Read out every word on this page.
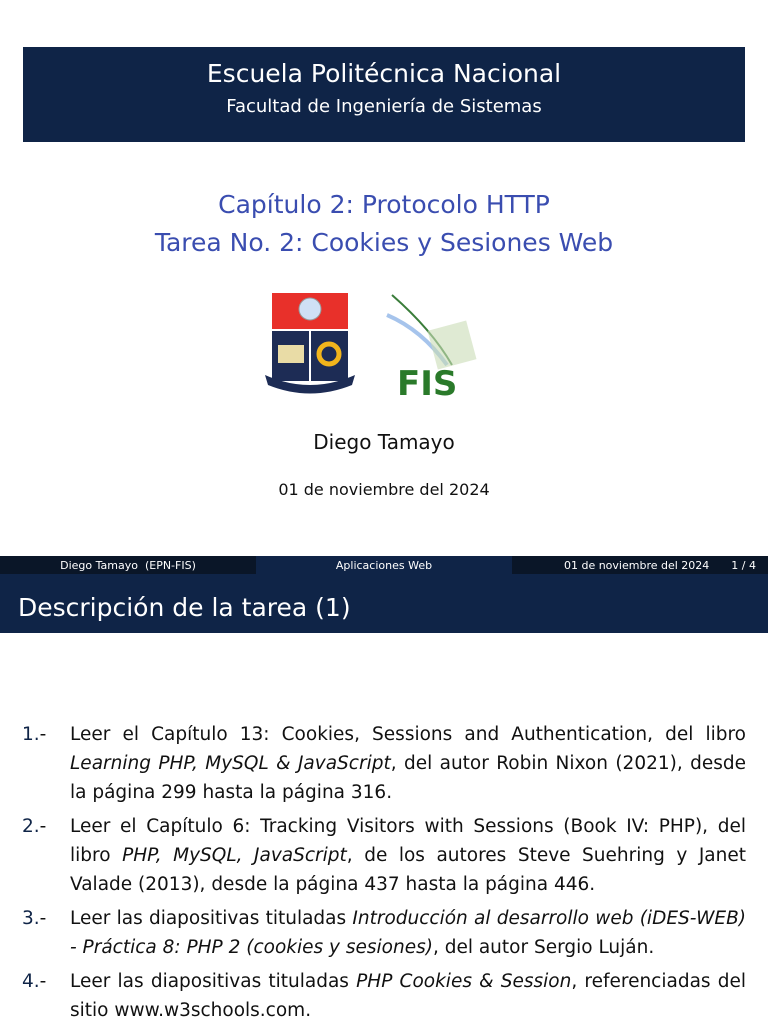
Escuela Politécnica Nacional
Facultad de Ingeniería de Sistemas
Capítulo 2: Protocolo HTTP
Tarea No. 2: Cookies y Sesiones Web
FIS
Diego Tamayo
01 de noviembre del 2024
Diego Tamayo  (EPN-FIS)	Aplicaciones Web	01 de noviembre del 2024 1 / 4
Descripción de la tarea (1)
1.-	Leer el Capítulo 13: Cookies, Sessions and Authentication, del libro Learning PHP, MySQL & JavaScript, del autor Robin Nixon (2021), desde la página 299 hasta la página 316.
2.-	Leer el Capítulo 6: Tracking Visitors with Sessions (Book IV: PHP), del libro PHP, MySQL, JavaScript, de los autores Steve Suehring y Janet Valade (2013), desde la página 437 hasta la página 446.
3.-	Leer las diapositivas tituladas Introducción al desarrollo web (iDES-WEB) - Práctica 8: PHP 2 (cookies y sesiones), del autor Sergio Luján.
4.-	Leer las diapositivas tituladas PHP Cookies & Session, referenciadas del sitio www.w3schools.com.
